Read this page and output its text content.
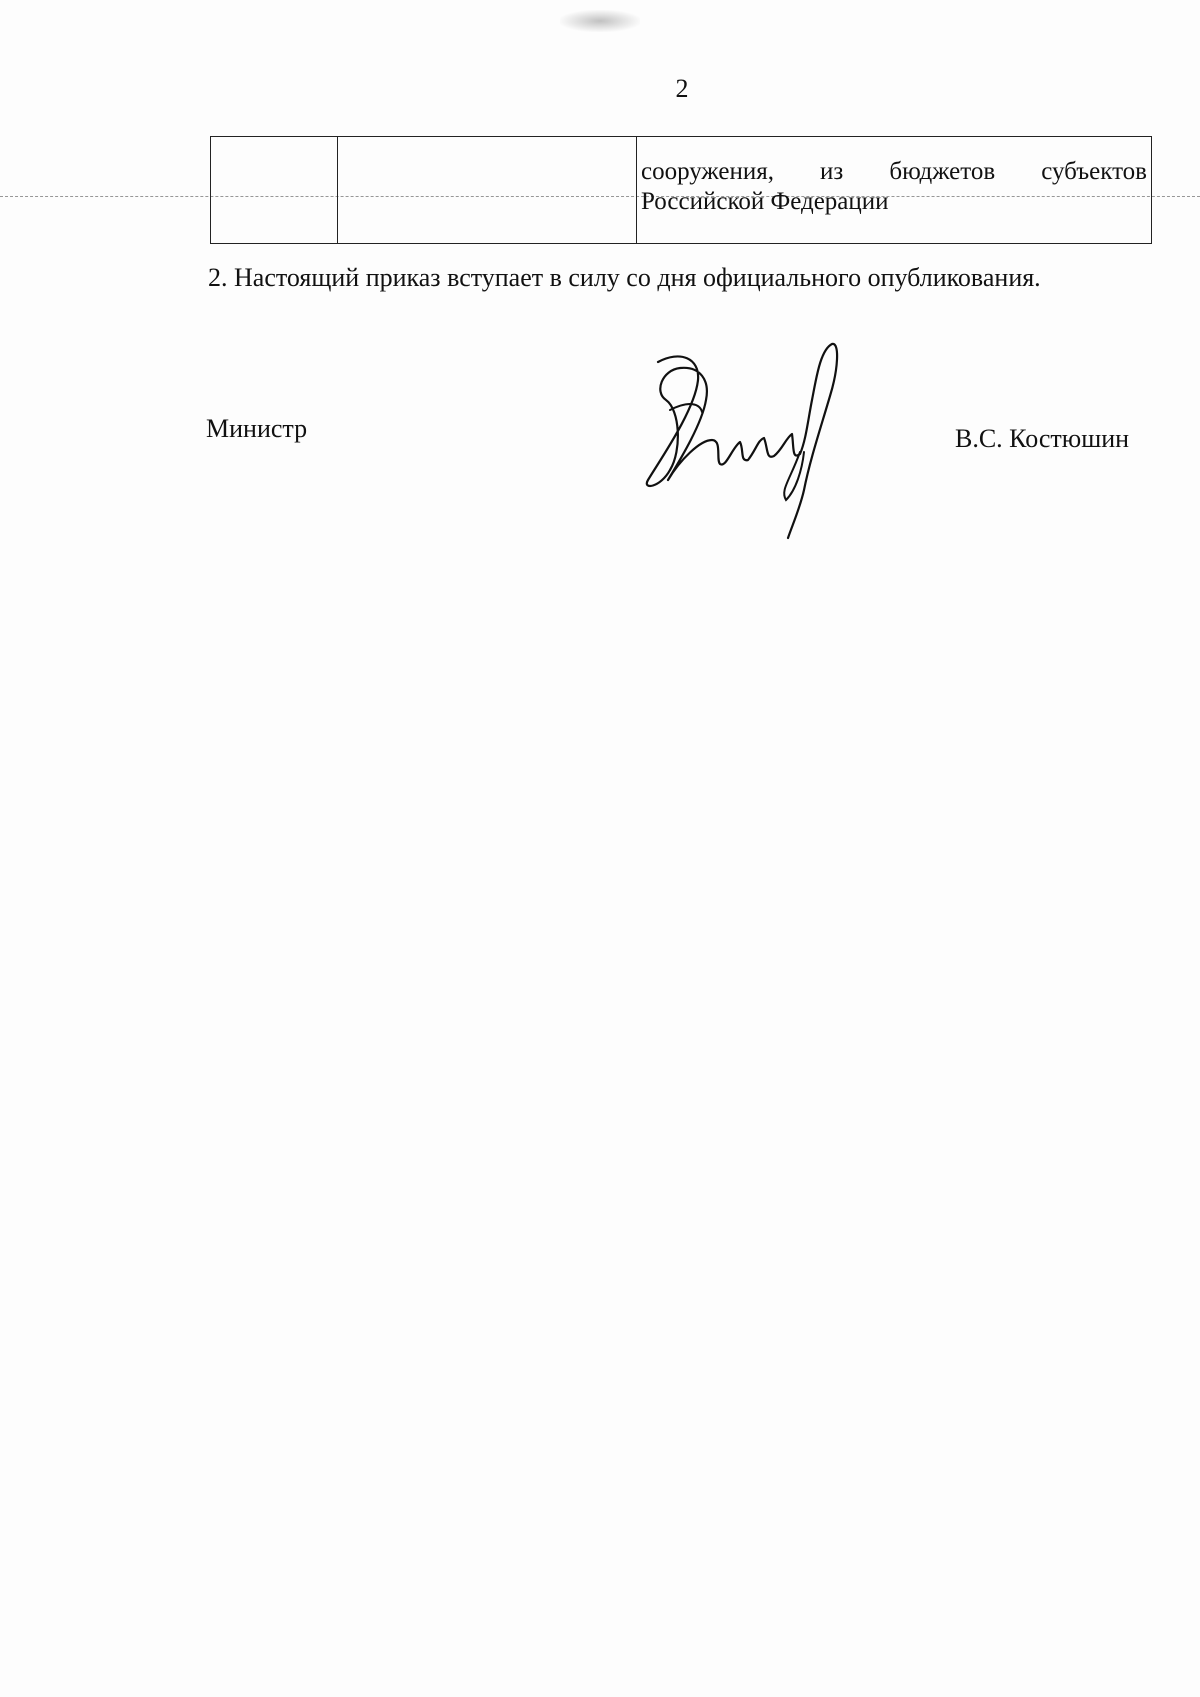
2

сооружения, из бюджетов субъектов
Российской Федерации
2. Настоящий приказ вступает в силу со дня официального опубликования.
Министр	В.С. Костюшин
